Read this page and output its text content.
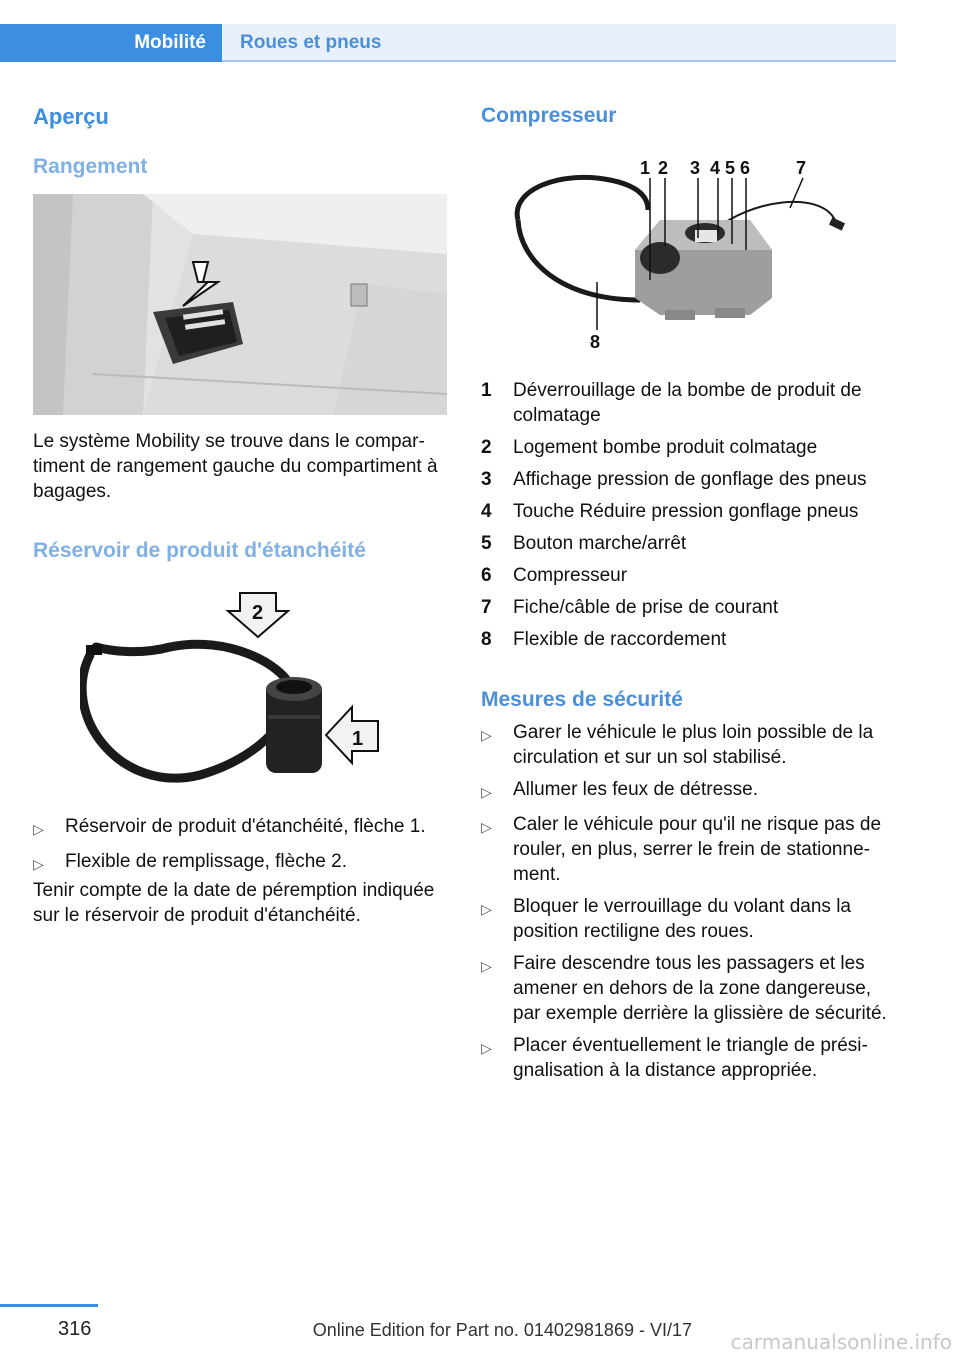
Mobilité	Roues et pneus
Aperçu
Rangement
Le système Mobility se trouve dans le compartiment de rangement gauche du compartiment à bagages.
Réservoir de produit d'étanchéité
2
1
▷	Réservoir de produit d'étanchéité, flèche 1.
▷	Flexible de remplissage, flèche 2.
Tenir compte de la date de péremption indiquée sur le réservoir de produit d'étanchéité.
Compresseur
1 2 3 4 5 6	7
8
1	Déverrouillage de la bombe de produit de colmatage
2	Logement bombe produit colmatage
3	Affichage pression de gonflage des pneus
4	Touche Réduire pression gonflage pneus
5	Bouton marche/arrêt
6	Compresseur
7	Fiche/câble de prise de courant
8	Flexible de raccordement
Mesures de sécurité
▷	Garer le véhicule le plus loin possible de la circulation et sur un sol stabilisé.
▷	Allumer les feux de détresse.
▷	Caler le véhicule pour qu'il ne risque pas de rouler, en plus, serrer le frein de stationnement.
▷	Bloquer le verrouillage du volant dans la position rectiligne des roues.
▷	Faire descendre tous les passagers et les amener en dehors de la zone dangereuse, par exemple derrière la glissière de sécurité.
▷	Placer éventuellement le triangle de présignalisation à la distance appropriée.
316	Online Edition for Part no. 01402981869 - VI/17 carmanualsonline.info
